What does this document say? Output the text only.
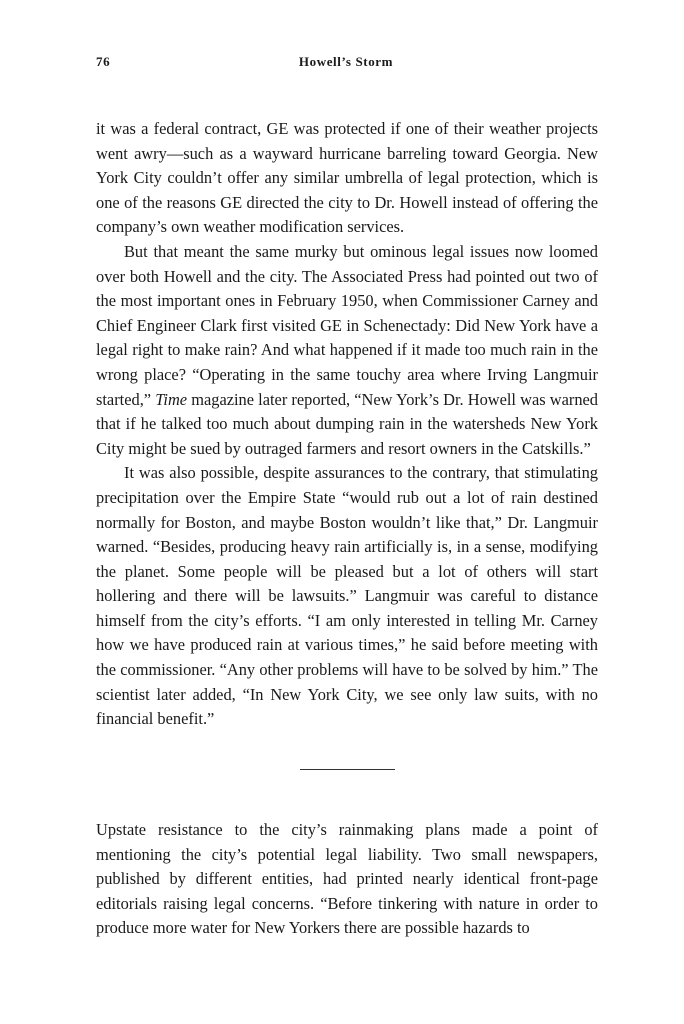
76	Howell’s Storm

it was a federal contract, GE was protected if one of their weather projects went awry—such as a wayward hurricane barreling toward Georgia. New York City couldn’t offer any similar umbrella of legal protection, which is one of the reasons GE directed the city to Dr. Howell instead of offering the company’s own weather modification services.

But that meant the same murky but ominous legal issues now loomed over both Howell and the city. The Associated Press had pointed out two of the most important ones in February 1950, when Commissioner Carney and Chief Engineer Clark first visited GE in Schenectady: Did New York have a legal right to make rain? And what happened if it made too much rain in the wrong place? “Operating in the same touchy area where Irving Langmuir started,” Time magazine later reported, “New York’s Dr. Howell was warned that if he talked too much about dumping rain in the watersheds New York City might be sued by outraged farmers and resort owners in the Catskills.”

It was also possible, despite assurances to the contrary, that stimulating precipitation over the Empire State “would rub out a lot of rain destined normally for Boston, and maybe Boston wouldn’t like that,” Dr. Langmuir warned. “Besides, producing heavy rain artificially is, in a sense, modifying the planet. Some people will be pleased but a lot of others will start hollering and there will be lawsuits.” Langmuir was careful to distance himself from the city’s efforts. “I am only interested in telling Mr. Carney how we have produced rain at various times,” he said before meeting with the commissioner. “Any other problems will have to be solved by him.” The scientist later added, “In New York City, we see only law suits, with no financial benefit.”

Upstate resistance to the city’s rainmaking plans made a point of mentioning the city’s potential legal liability. Two small newspapers, published by different entities, had printed nearly identical front-page editorials raising legal concerns. “Before tinkering with nature in order to produce more water for New Yorkers there are possible hazards to
